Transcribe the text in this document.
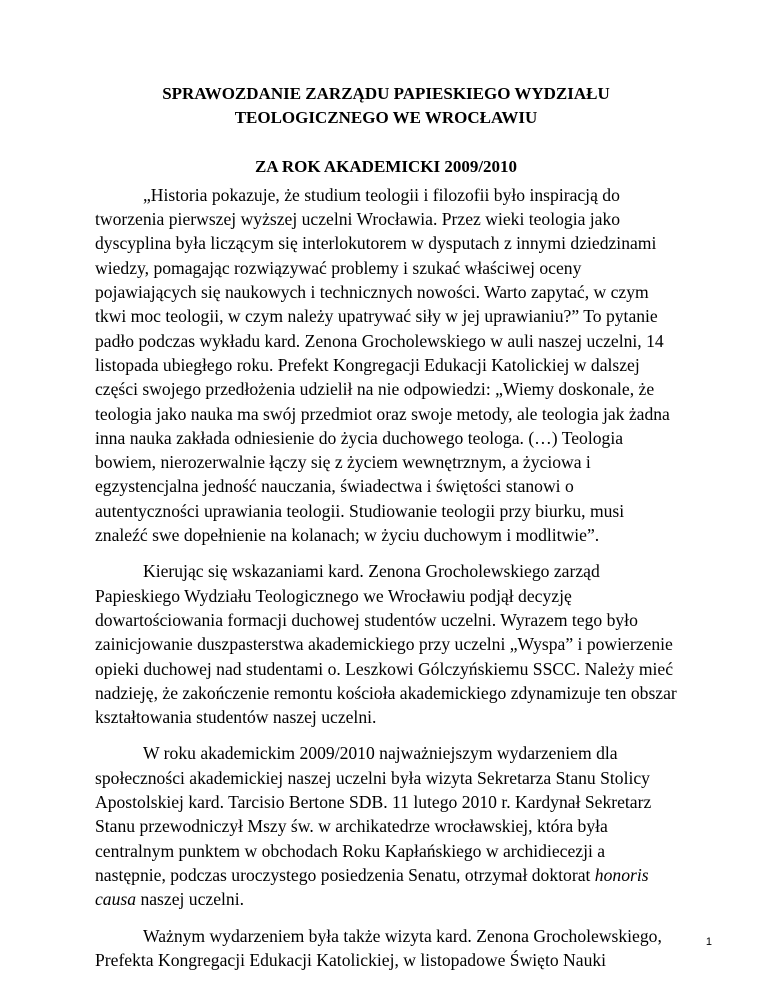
SPRAWOZDANIE ZARZĄDU PAPIESKIEGO WYDZIAŁU
TEOLOGICZNEGO WE WROCŁAWIU

ZA ROK AKADEMICKI 2009/2010

„Historia pokazuje, że studium teologii i filozofii było inspiracją do tworzenia pierwszej wyższej uczelni Wrocławia. Przez wieki teologia jako dyscyplina była liczącym się interlokutorem w dysputach z innymi dziedzinami wiedzy, pomagając rozwiązywać problemy i szukać właściwej oceny pojawiających się naukowych i technicznych nowości. Warto zapytać, w czym tkwi moc teologii, w czym należy upatrywać siły w jej uprawianiu?” To pytanie padło podczas wykładu kard. Zenona Grocholewskiego w auli naszej uczelni, 14 listopada ubiegłego roku. Prefekt Kongregacji Edukacji Katolickiej w dalszej części swojego przedłożenia udzielił na nie odpowiedzi: „Wiemy doskonale, że teologia jako nauka ma swój przedmiot oraz swoje metody, ale teologia jak żadna inna nauka zakłada odniesienie do życia duchowego teologa. (…) Teologia bowiem, nierozerwalnie łączy się z życiem wewnętrznym, a życiowa i egzystencjalna jedność nauczania, świadectwa i świętości stanowi o autentyczności uprawiania teologii. Studiowanie teologii przy biurku, musi znaleźć swe dopełnienie na kolanach; w życiu duchowym i modlitwie”.

Kierując się wskazaniami kard. Zenona Grocholewskiego zarząd Papieskiego Wydziału Teologicznego we Wrocławiu podjął decyzję dowartościowania formacji duchowej studentów uczelni. Wyrazem tego było zainicjowanie duszpasterstwa akademickiego przy uczelni „Wyspa” i powierzenie opieki duchowej nad studentami o. Leszkowi Gólczyńskiemu SSCC. Należy mieć nadzieję, że zakończenie remontu kościoła akademickiego zdynamizuje ten obszar kształtowania studentów naszej uczelni.

W roku akademickim 2009/2010 najważniejszym wydarzeniem dla społeczności akademickiej naszej uczelni była wizyta Sekretarza Stanu Stolicy Apostolskiej kard. Tarcisio Bertone SDB. 11 lutego 2010 r. Kardynał Sekretarz Stanu przewodniczył Mszy św. w archikatedrze wrocławskiej, która była centralnym punktem w obchodach Roku Kapłańskiego w archidiecezji a następnie, podczas uroczystego posiedzenia Senatu, otrzymał doktorat honoris causa naszej uczelni.

Ważnym wydarzeniem była także wizyta kard. Zenona Grocholewskiego, Prefekta Kongregacji Edukacji Katolickiej, w listopadowe Święto Nauki

1
